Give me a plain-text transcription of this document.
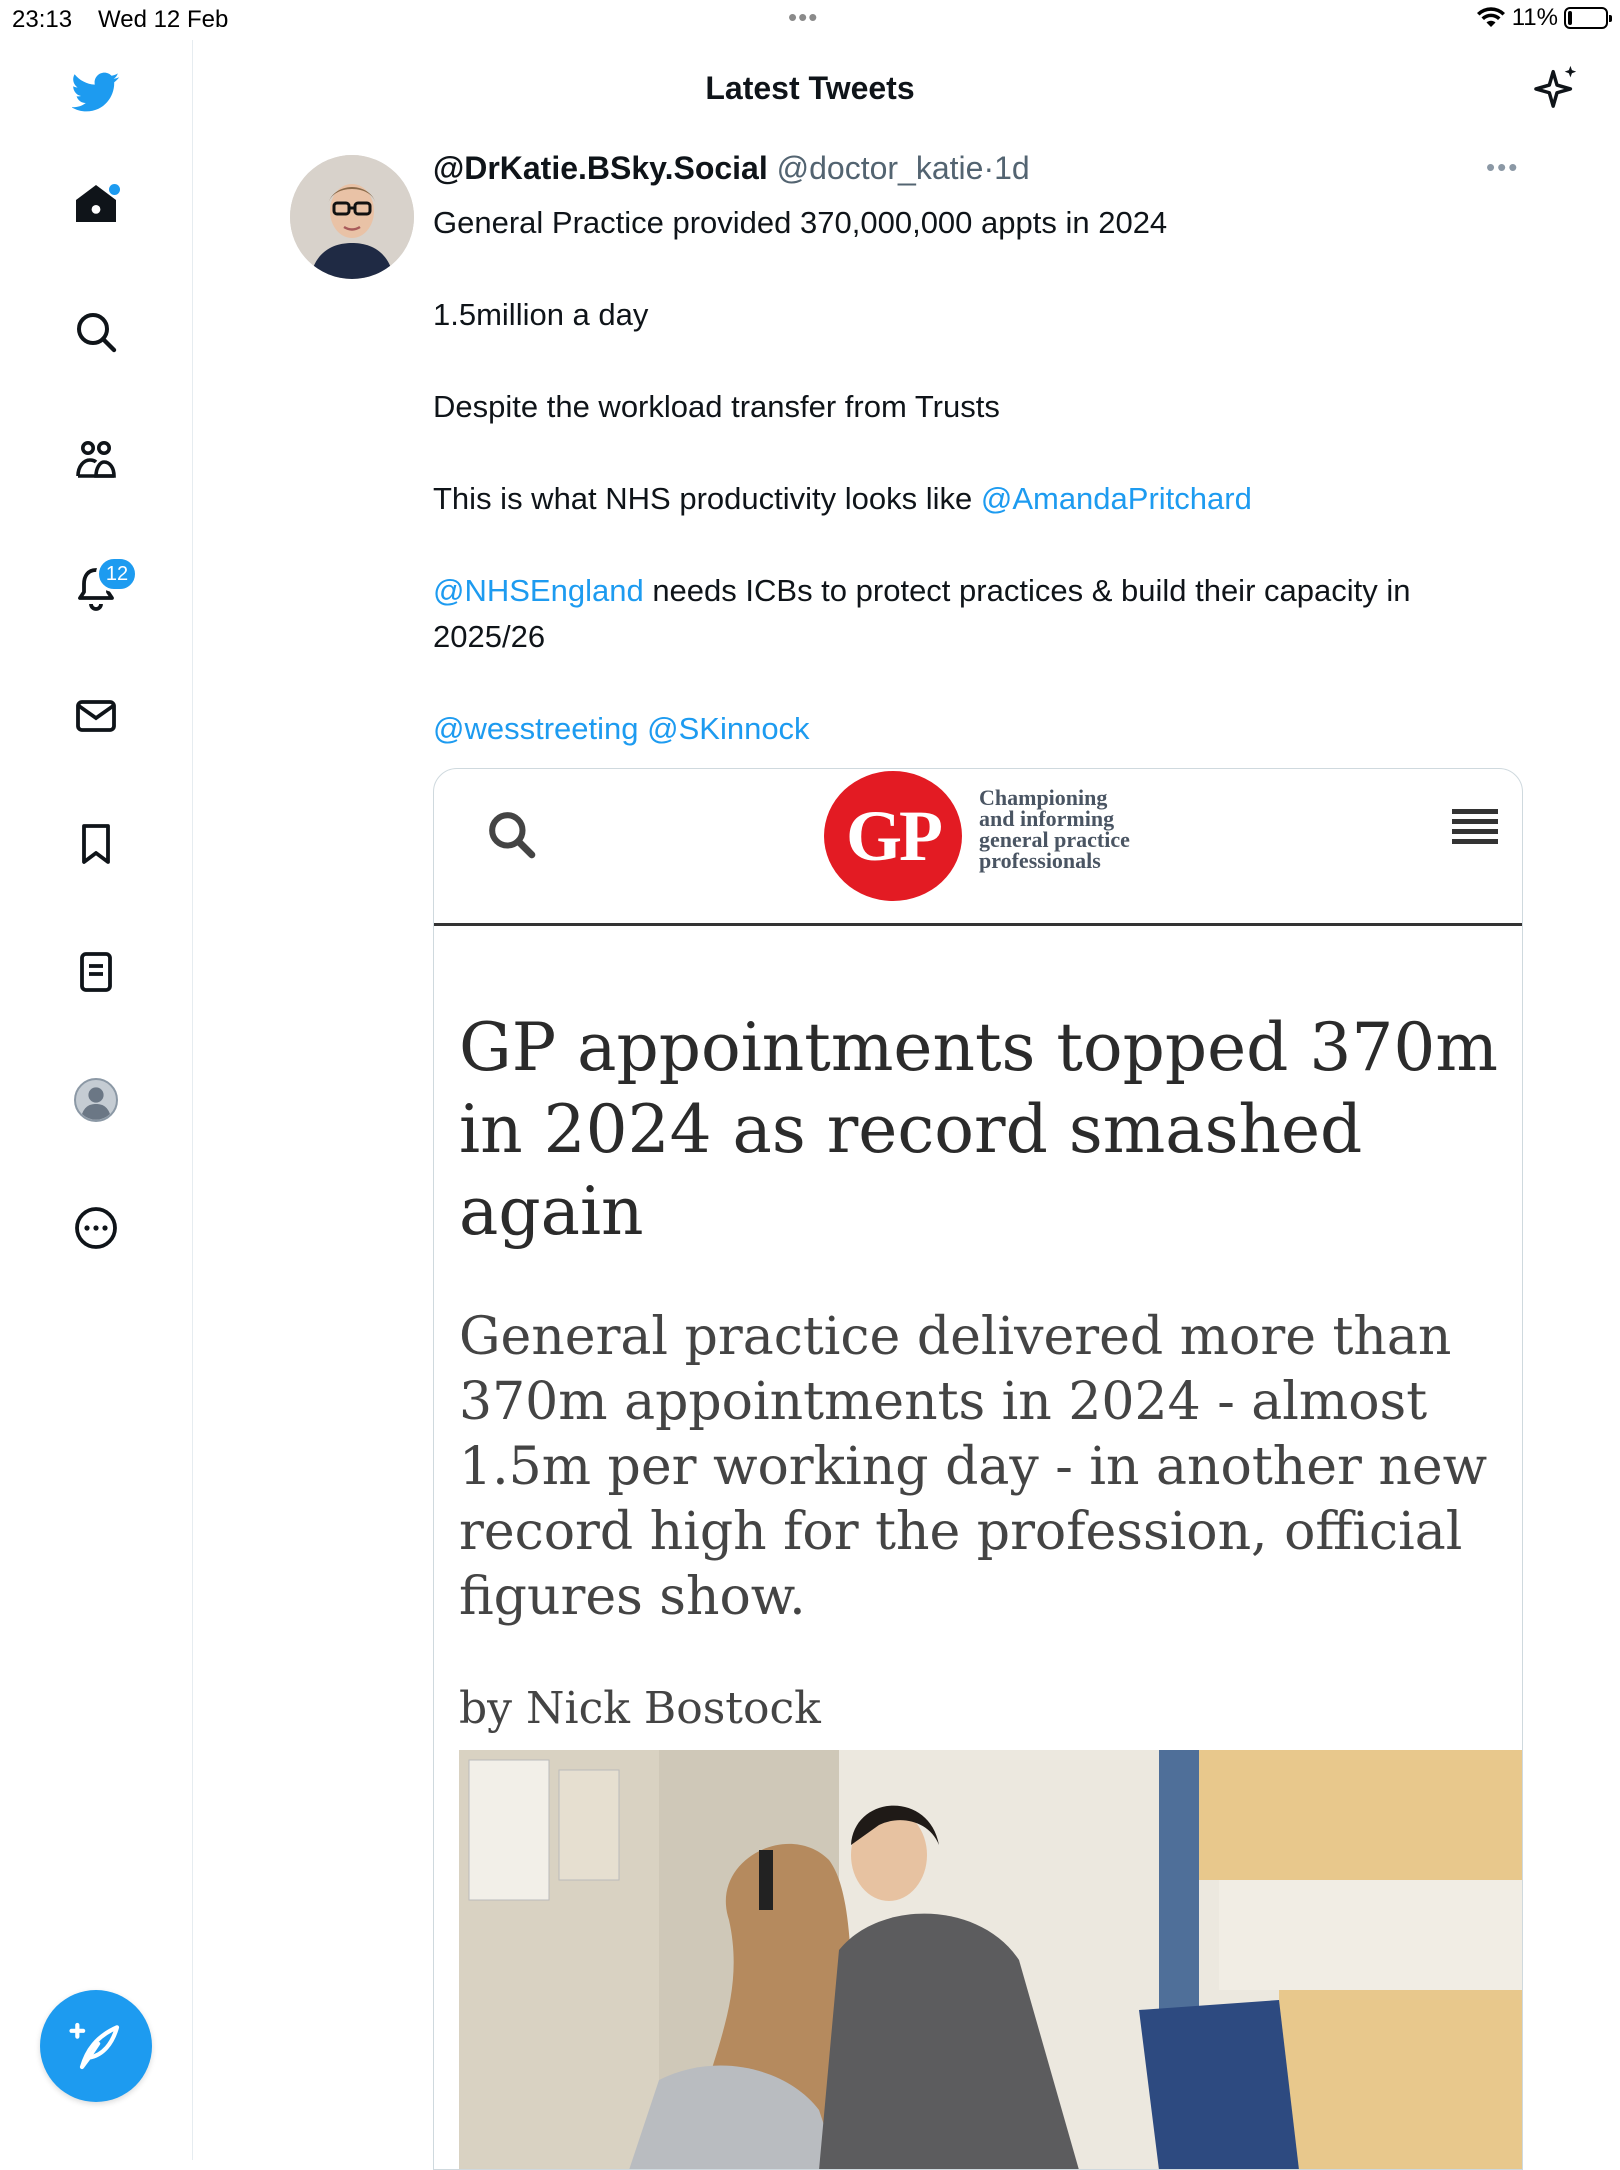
23:13 Wed 12 Feb	•••	11%
12
Latest Tweets
@DrKatie.BSky.Social @doctor_katie·1d	•••

General Practice provided 370,000,000 appts in 2024

1.5million a day

Despite the workload transfer from Trusts

This is what NHS productivity looks like @AmandaPritchard

@NHSEngland needs ICBs to protect practices & build their capacity in 2025/26

@wesstreeting @SKinnock

GP	Championing
and informing
general practice
professionals
GP appointments topped 370m in 2024 as record smashed again
General practice delivered more than 370m appointments in 2024 - almost 1.5m per working day - in another new record high for the profession, official figures show.
by Nick Bostock
